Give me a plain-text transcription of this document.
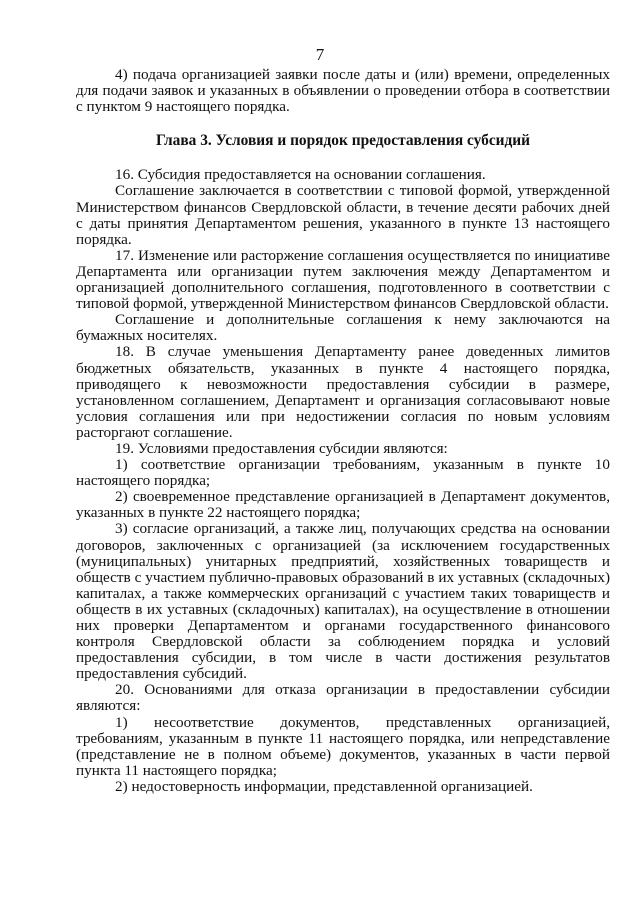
7

4) подача организацией заявки после даты и (или) времени, определенных для подачи заявок и указанных в объявлении о проведении отбора в соответствии с пунктом 9 настоящего порядка.

Глава 3. Условия и порядок предоставления субсидий

16. Субсидия предоставляется на основании соглашения.

Соглашение заключается в соответствии с типовой формой, утвержденной Министерством финансов Свердловской области, в течение десяти рабочих дней с даты принятия Департаментом решения, указанного в пункте 13 настоящего порядка.

17. Изменение или расторжение соглашения осуществляется по инициативе Департамента или организации путем заключения между Департаментом и организацией дополнительного соглашения, подготовленного в соответствии с типовой формой, утвержденной Министерством финансов Свердловской области.

Соглашение и дополнительные соглашения к нему заключаются на бумажных носителях.

18. В случае уменьшения Департаменту ранее доведенных лимитов бюджетных обязательств, указанных в пункте 4 настоящего порядка, приводящего к невозможности предоставления субсидии в размере, установленном соглашением, Департамент и организация согласовывают новые условия соглашения или при недостижении согласия по новым условиям расторгают соглашение.

19. Условиями предоставления субсидии являются:

1) соответствие организации требованиям, указанным в пункте 10 настоящего порядка;

2) своевременное представление организацией в Департамент документов, указанных в пункте 22 настоящего порядка;

3) согласие организаций, а также лиц, получающих средства на основании договоров, заключенных с организацией (за исключением государственных (муниципальных) унитарных предприятий, хозяйственных товариществ и обществ с участием публично-правовых образований в их уставных (складочных) капиталах, а также коммерческих организаций с участием таких товариществ и обществ в их уставных (складочных) капиталах), на осуществление в отношении них проверки Департаментом и органами государственного финансового контроля Свердловской области за соблюдением порядка и условий предоставления субсидии, в том числе в части достижения результатов предоставления субсидий.

20. Основаниями для отказа организации в предоставлении субсидии являются:

1) несоответствие документов, представленных организацией, требованиям, указанным в пункте 11 настоящего порядка, или непредставление (представление не в полном объеме) документов, указанных в части первой пункта 11 настоящего порядка;

2) недостоверность информации, представленной организацией.
